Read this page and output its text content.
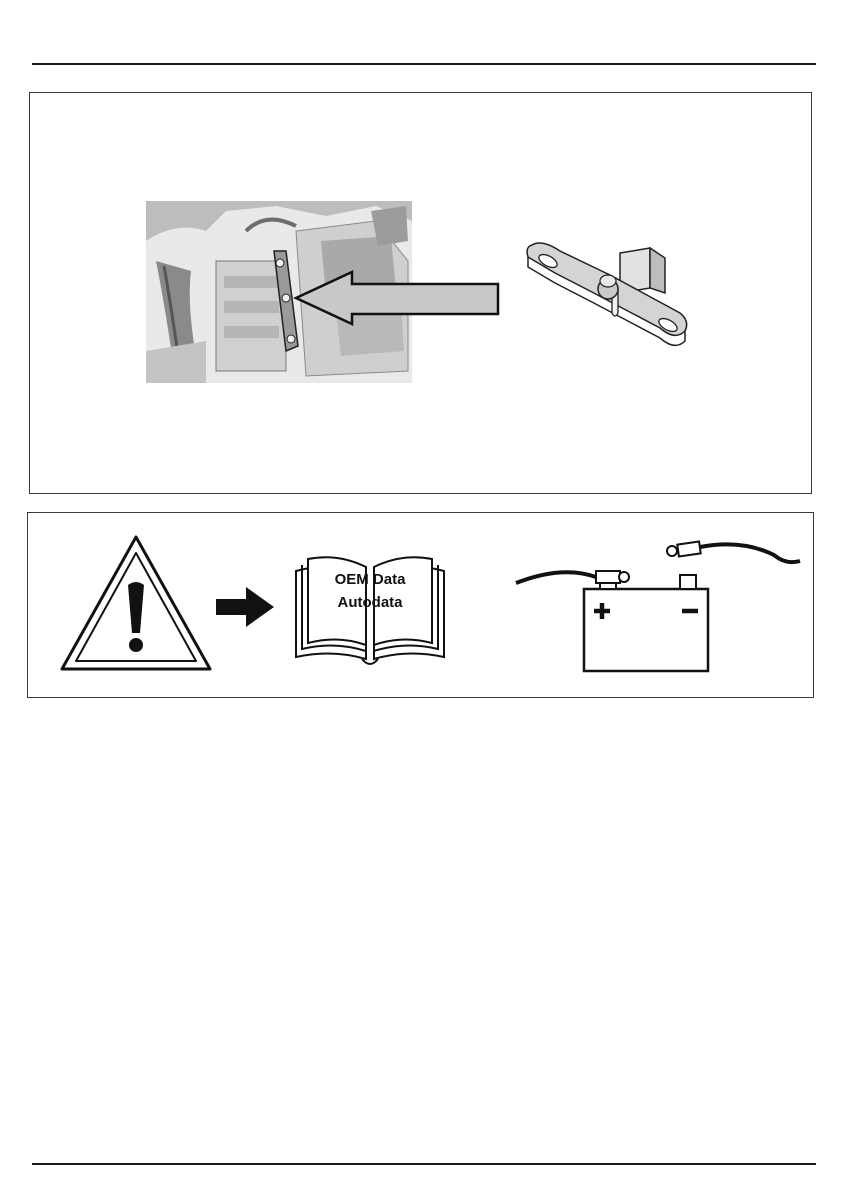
OEM Data
Autodata
